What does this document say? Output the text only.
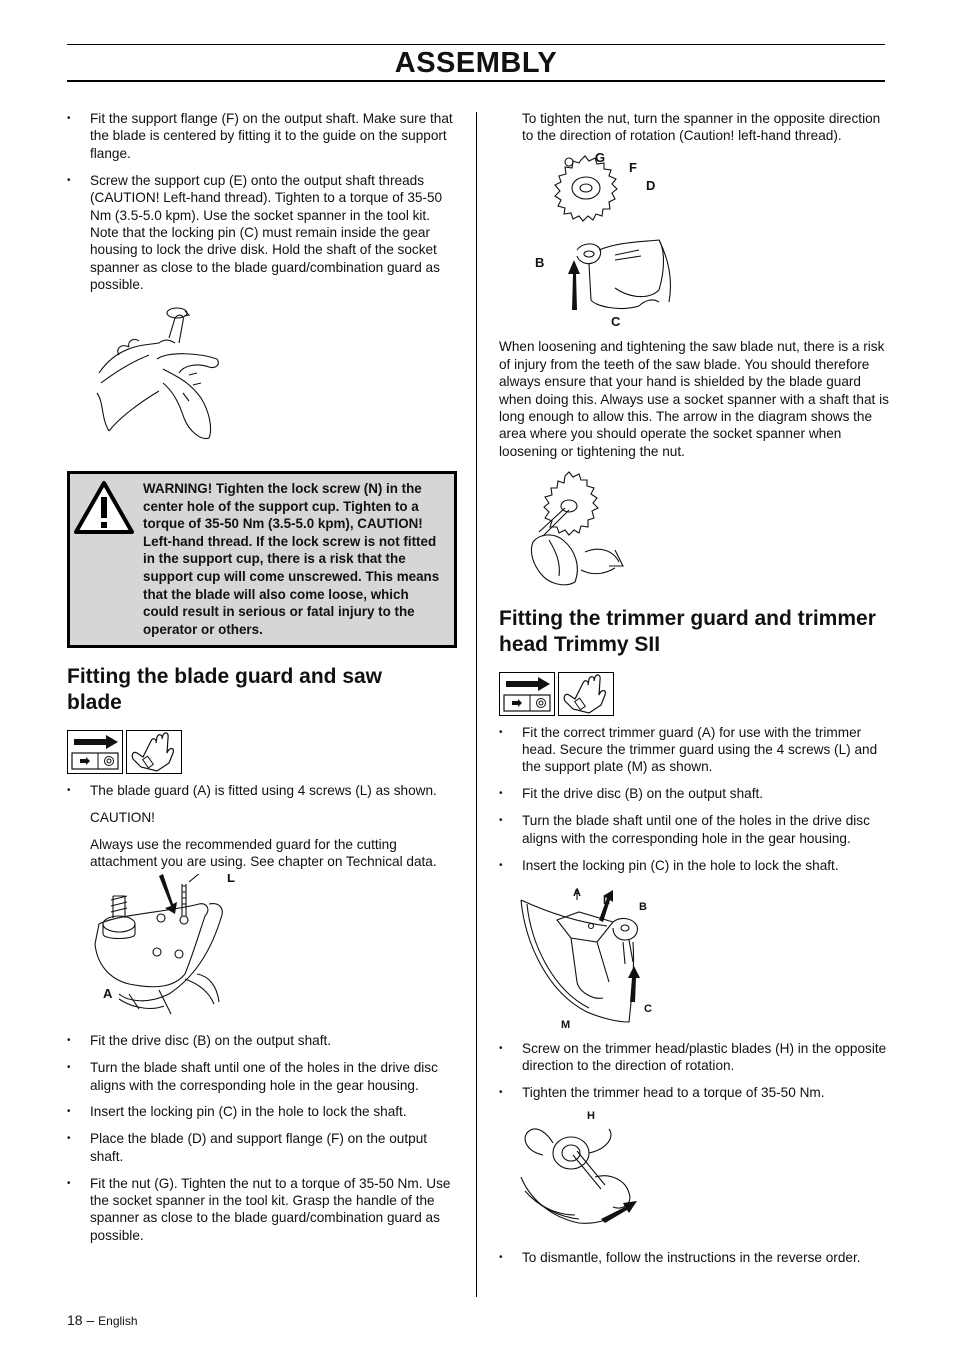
ASSEMBLY
• Fit the support flange (F) on the output shaft. Make sure that the blade is centered by fitting it to the guide on the support flange.
• Screw the support cup (E) onto the output shaft threads (CAUTION! Left-hand thread). Tighten to a torque of 35-50 Nm (3.5-5.0 kpm). Use the socket spanner in the tool kit. Note that the locking pin (C) must remain inside the gear housing to lock the drive disk. Hold the shaft of the socket spanner as close to the blade guard/combination guard as possible.
WARNING! Tighten the lock screw (N) in the center hole of the support cup. Tighten to a torque of 35-50 Nm (3.5-5.0 kpm), CAUTION! Left-hand thread. If the lock screw is not fitted in the support cup, there is a risk that the support cup will come unscrewed. This means that the blade will also come loose, which could result in serious or fatal injury to the operator or others.
Fitting the blade guard and saw blade
• The blade guard (A) is fitted using 4 screws (L) as shown.

CAUTION!

Always use the recommended guard for the cutting attachment you are using. See chapter on Technical data.

L
A
• Fit the drive disc (B) on the output shaft.
• Turn the blade shaft until one of the holes in the drive disc aligns with the corresponding hole in the gear housing.
• Insert the locking pin (C) in the hole to lock the shaft.
• Place the blade (D) and support flange (F) on the output shaft.
• Fit the nut (G). Tighten the nut to a torque of 35-50 Nm. Use the socket spanner in the tool kit. Grasp the handle of the spanner as close to the blade guard/combination guard as possible.

To tighten the nut, turn the spanner in the opposite direction to the direction of rotation (Caution! left-hand thread).

G
F
D
B
C

When loosening and tightening the saw blade nut, there is a risk of injury from the teeth of the saw blade. You should therefore always ensure that your hand is shielded by the blade guard when doing this. Always use a socket spanner with a shaft that is long enough to allow this. The arrow in the diagram shows the area where you should operate the socket spanner when loosening or tightening the nut.

Fitting the trimmer guard and trimmer head Trimmy SII
• Fit the correct trimmer guard (A) for use with the trimmer head. Secure the trimmer guard using the 4 screws (L) and the support plate (M) as shown.
• Fit the drive disc (B) on the output shaft.
• Turn the blade shaft until one of the holes in the drive disc aligns with the corresponding hole in the gear housing.
• Insert the locking pin (C) in the hole to lock the shaft.
A
L	B
C
M
• Screw on the trimmer head/plastic blades (H) in the opposite direction to the direction of rotation.
• Tighten the trimmer head to a torque of 35-50 Nm.
H
• To dismantle, follow the instructions in the reverse order.
18 – English
